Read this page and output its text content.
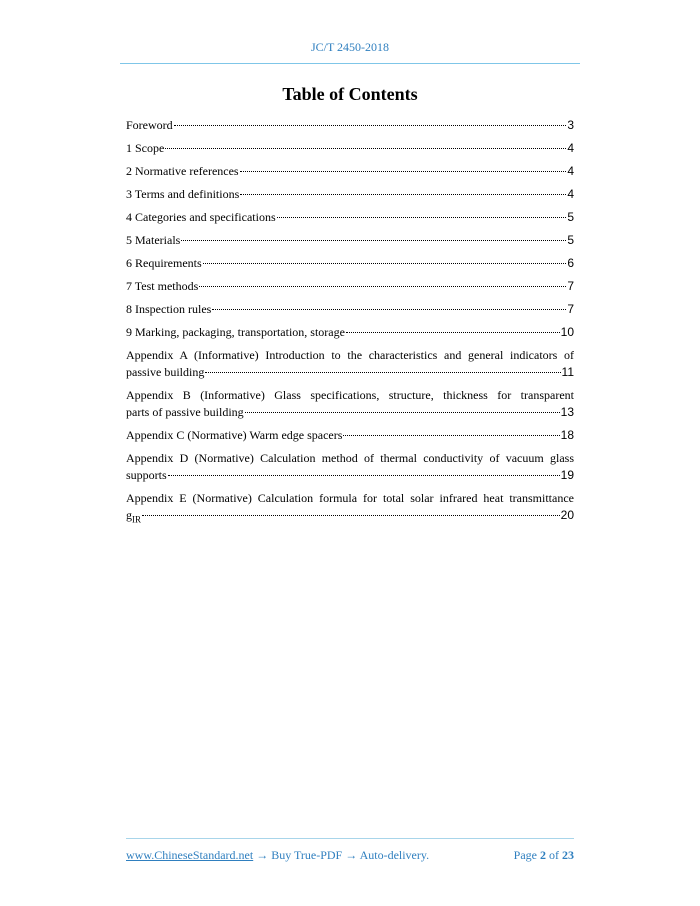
JC/T 2450-2018
Table of Contents
Foreword	3
1 Scope	4
2 Normative references	4
3 Terms and definitions	4
4 Categories and specifications	5
5 Materials	5
6 Requirements	6
7 Test methods	7
8 Inspection rules	7
9 Marking, packaging, transportation, storage	10
Appendix A (Informative) Introduction to the characteristics and general indicators of
passive building	11
Appendix B (Informative) Glass specifications, structure, thickness for transparent
parts of passive building	13
Appendix C (Normative) Warm edge spacers	18
Appendix D (Normative) Calculation method of thermal conductivity of vacuum glass
supports	19
Appendix E (Normative) Calculation formula for total solar infrared heat transmittance
$g_{IR}$	20
www.ChineseStandard.net → Buy True-PDF → Auto-delivery.	Page 2 of 23
